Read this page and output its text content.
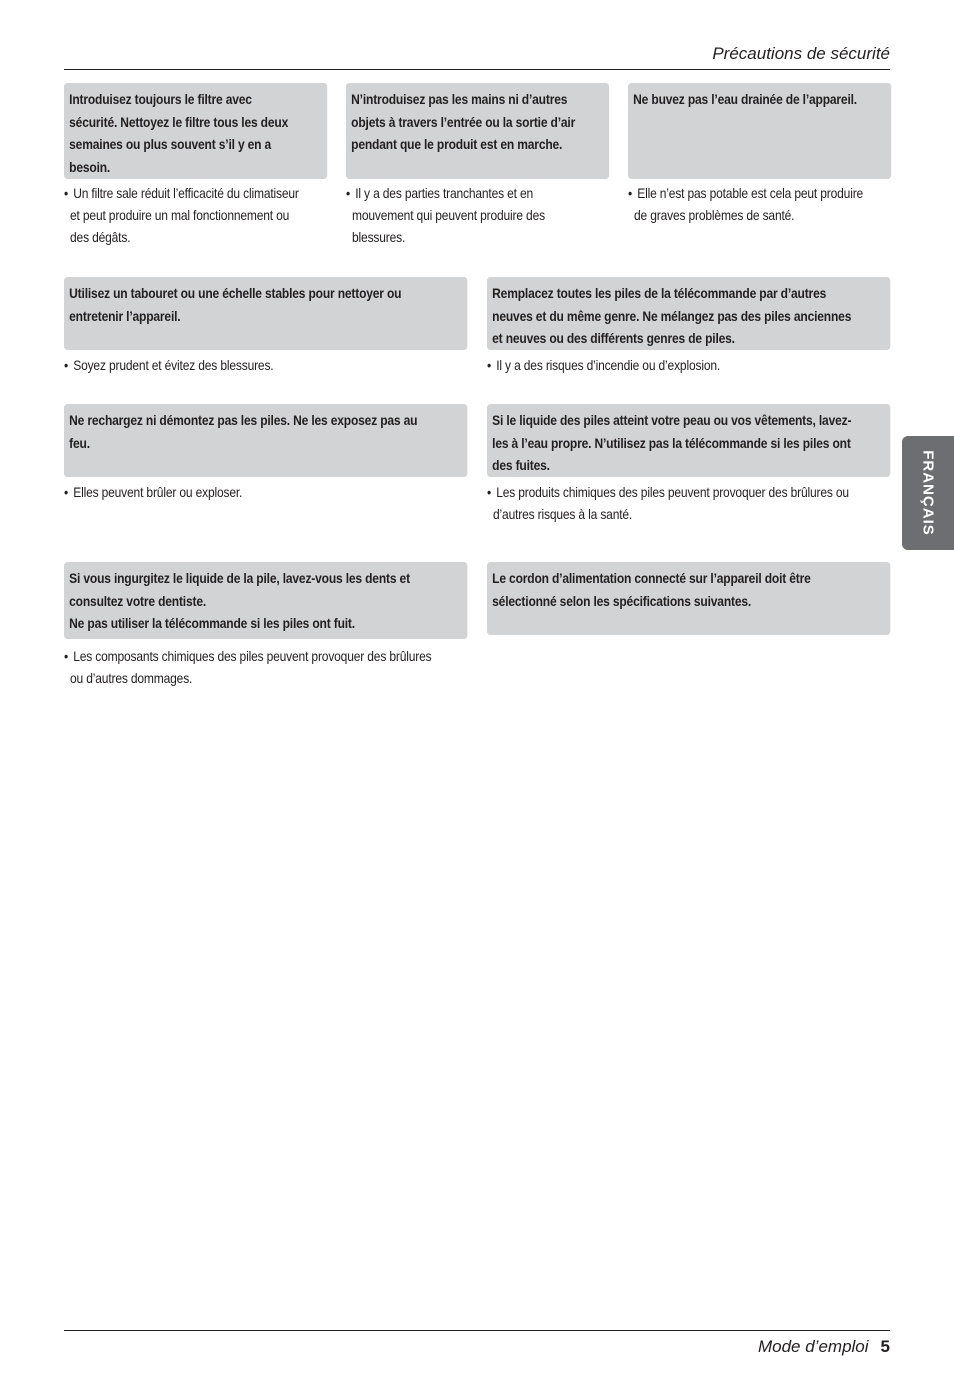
Précautions de sécurité
FRANÇAIS
Introduisez toujours le filtre avec
sécurité. Nettoyez le filtre tous les deux
semaines ou plus souvent s’il y en a
besoin.
• Un filtre sale réduit l’efficacité du climatiseur
et peut produire un mal fonctionnement ou
des dégâts.
N’introduisez pas les mains ni d’autres
objets à travers l’entrée ou la sortie d’air
pendant que le produit est en marche.
• Il y a des parties tranchantes et en
mouvement qui peuvent produire des
blessures.
Ne buvez pas l’eau drainée de l’appareil.
• Elle n’est pas potable est cela peut produire
de graves problèmes de santé.
Utilisez un tabouret ou une échelle stables pour nettoyer ou
entretenir l’appareil.
• Soyez prudent et évitez des blessures.
Remplacez toutes les piles de la télécommande par d’autres
neuves et du même genre. Ne mélangez pas des piles anciennes
et neuves ou des différents genres de piles.
• Il y a des risques d’incendie ou d’explosion.
Ne rechargez ni démontez pas les piles. Ne les exposez pas au
feu.
• Elles peuvent brûler ou exploser.
Si le liquide des piles atteint votre peau ou vos vêtements, lavez-
les à l’eau propre. N’utilisez pas la télécommande si les piles ont
des fuites.
• Les produits chimiques des piles peuvent provoquer des brûlures ou
d’autres risques à la santé.
Si vous ingurgitez le liquide de la pile, lavez-vous les dents et
consultez votre dentiste.
Ne pas utiliser la télécommande si les piles ont fuit.
• Les composants chimiques des piles peuvent provoquer des brûlures
ou d’autres dommages.
Le cordon d’alimentation connecté sur l’appareil doit être
sélectionné selon les spécifications suivantes.
Mode d’emploi 5
